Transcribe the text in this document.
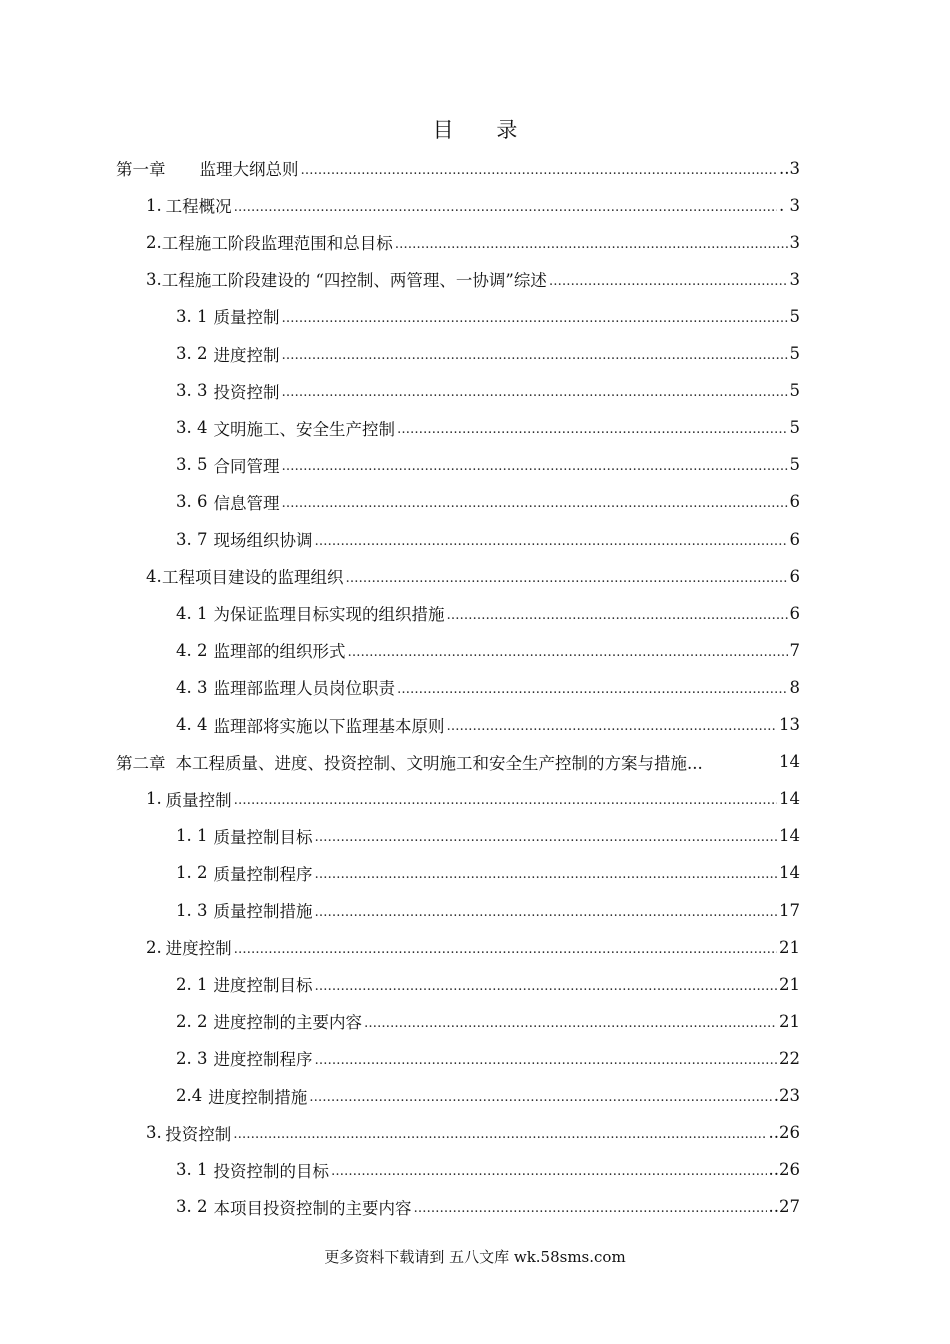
目 录
第一章 监理大纲总则 …………………………………………………………………………………………………………………………………………………………………………	..3
1. 工程概况 …………………………………………………………………………………………………………………………………………………………………………	. 3
2. 工程施工阶段监理范围和总目标 …………………………………………………………………………………………………………………………………………………………………………	3
3. 工程施工阶段建设的 “四控制、两管理、一协调”综述 …………………………………………………………………………………………………………………………………………………………………………	3
3. 1 质量控制 …………………………………………………………………………………………………………………………………………………………………………	5
3. 2 进度控制 …………………………………………………………………………………………………………………………………………………………………………	5
3. 3 投资控制 …………………………………………………………………………………………………………………………………………………………………………	5
3. 4 文明施工、安全生产控制 …………………………………………………………………………………………………………………………………………………………………………	5
3. 5 合同管理 …………………………………………………………………………………………………………………………………………………………………………	5
3. 6 信息管理 …………………………………………………………………………………………………………………………………………………………………………	6
3. 7 现场组织协调 …………………………………………………………………………………………………………………………………………………………………………	6
4. 工程项目建设的监理组织 …………………………………………………………………………………………………………………………………………………………………………	6
4. 1 为保证监理目标实现的组织措施 …………………………………………………………………………………………………………………………………………………………………………	6
4. 2 监理部的组织形式 …………………………………………………………………………………………………………………………………………………………………………	7
4. 3 监理部监理人员岗位职责 …………………………………………………………………………………………………………………………………………………………………………	8
4. 4 监理部将实施以下监理基本原则 …………………………………………………………………………………………………………………………………………………………………………	13
第二章 本工程质量、进度、投资控制、文明施工和安全生产控制的方案与措施...	14
1. 质量控制 …………………………………………………………………………………………………………………………………………………………………………	14
1. 1 质量控制目标 …………………………………………………………………………………………………………………………………………………………………………	14
1. 2 质量控制程序 …………………………………………………………………………………………………………………………………………………………………………	14
1. 3 质量控制措施 …………………………………………………………………………………………………………………………………………………………………………	17
2. 进度控制 …………………………………………………………………………………………………………………………………………………………………………	21
2. 1 进度控制目标 …………………………………………………………………………………………………………………………………………………………………………	21
2. 2 进度控制的主要内容 …………………………………………………………………………………………………………………………………………………………………………	21
2. 3 进度控制程序 …………………………………………………………………………………………………………………………………………………………………………	22
2.4 进度控制措施 …………………………………………………………………………………………………………………………………………………………………………	.23
3. 投资控制 …………………………………………………………………………………………………………………………………………………………………………	..26
3. 1 投资控制的目标 …………………………………………………………………………………………………………………………………………………………………………	..26
3. 2 本项目投资控制的主要内容 …………………………………………………………………………………………………………………………………………………………………………	..27
更多资料下载请到 五八文库 wk.58sms.com
